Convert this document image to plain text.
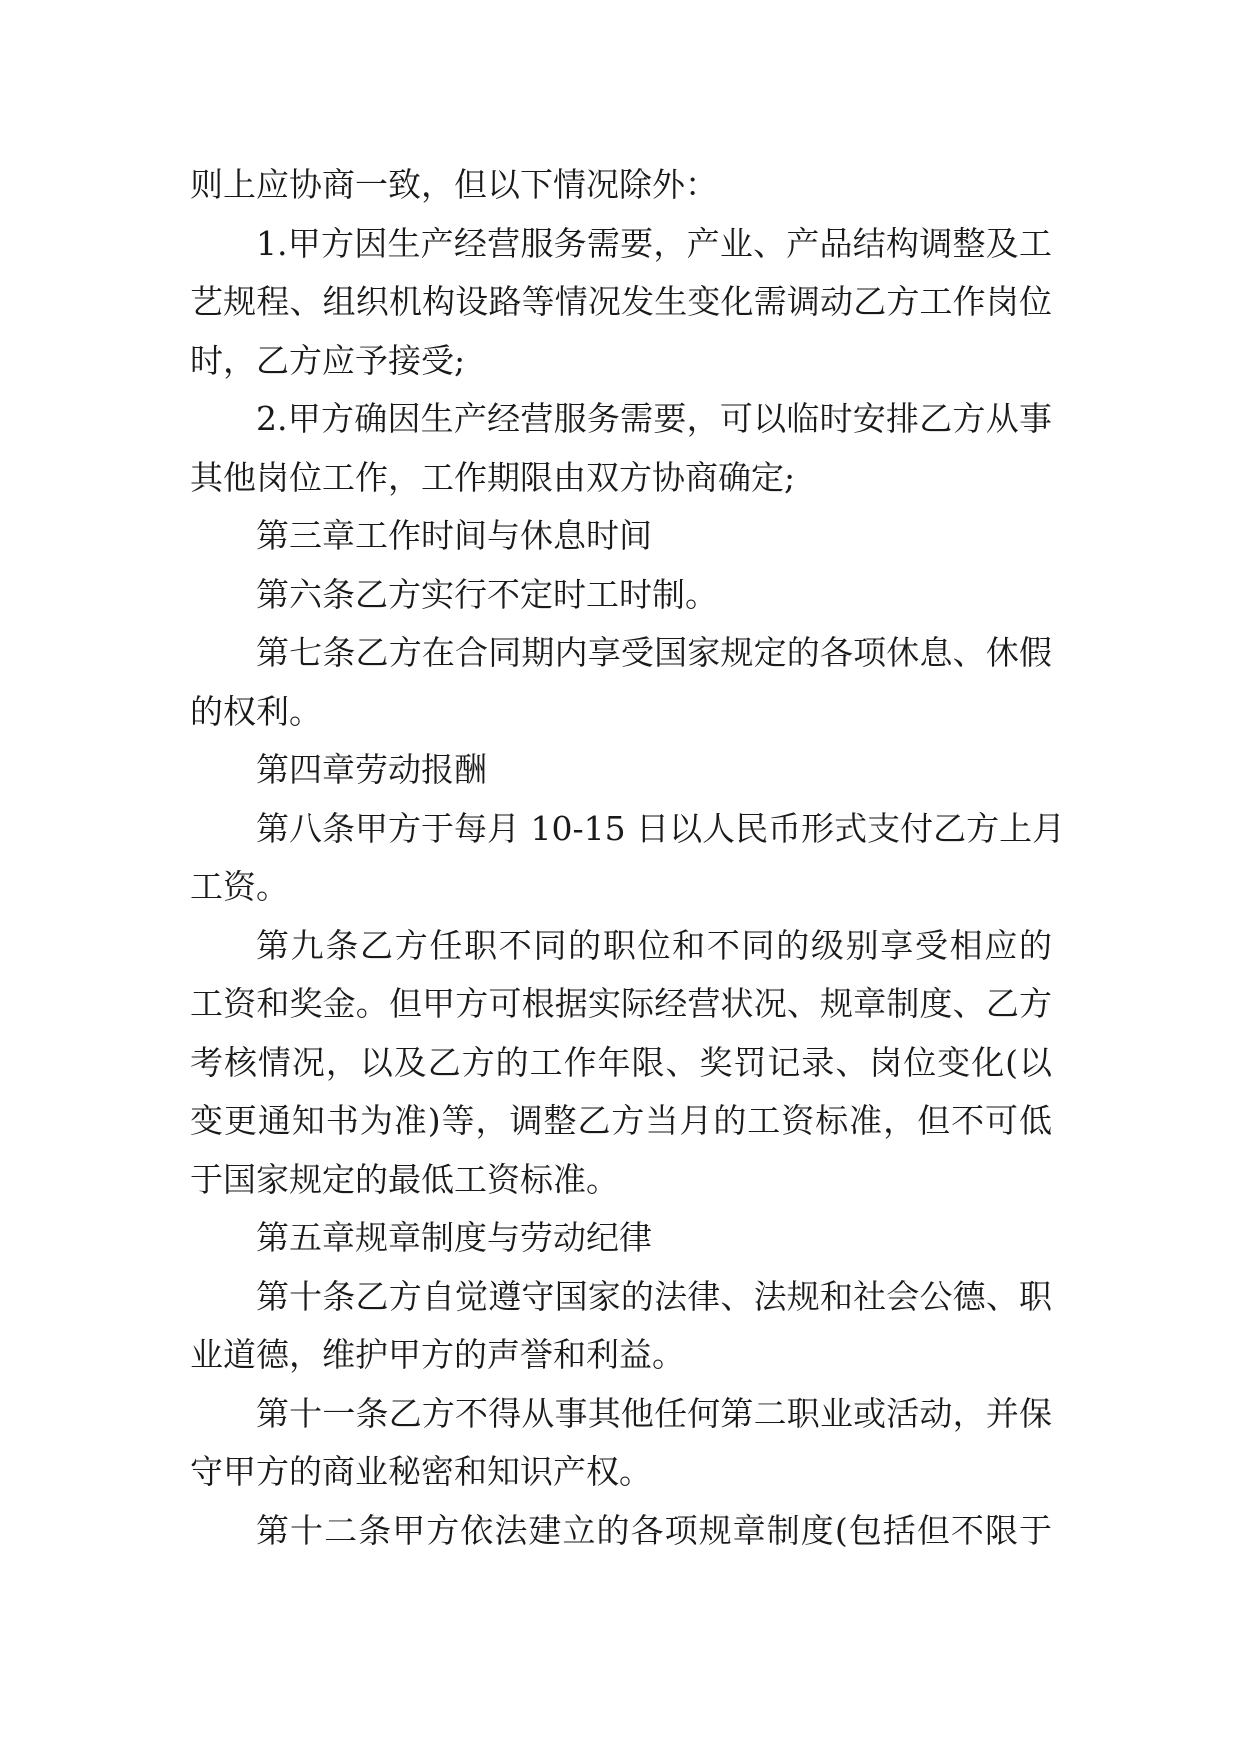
则上应协商一致，但以下情况除外：
1.甲方因生产经营服务需要，产业、产品结构调整及工
艺规程、组织机构设路等情况发生变化需调动乙方工作岗位
时，乙方应予接受;
2.甲方确因生产经营服务需要，可以临时安排乙方从事
其他岗位工作，工作期限由双方协商确定;
第三章工作时间与休息时间
第六条乙方实行不定时工时制。
第七条乙方在合同期内享受国家规定的各项休息、休假
的权利。
第四章劳动报酬
第八条甲方于每月 10-15 日以人民币形式支付乙方上月
工资。
第九条乙方任职不同的职位和不同的级别享受相应的
工资和奖金。但甲方可根据实际经营状况、规章制度、乙方
考核情况，以及乙方的工作年限、奖罚记录、岗位变化(以
变更通知书为准)等，调整乙方当月的工资标准，但不可低
于国家规定的最低工资标准。
第五章规章制度与劳动纪律
第十条乙方自觉遵守国家的法律、法规和社会公德、职
业道德，维护甲方的声誉和利益。
第十一条乙方不得从事其他任何第二职业或活动，并保
守甲方的商业秘密和知识产权。
第十二条甲方依法建立的各项规章制度(包括但不限于
